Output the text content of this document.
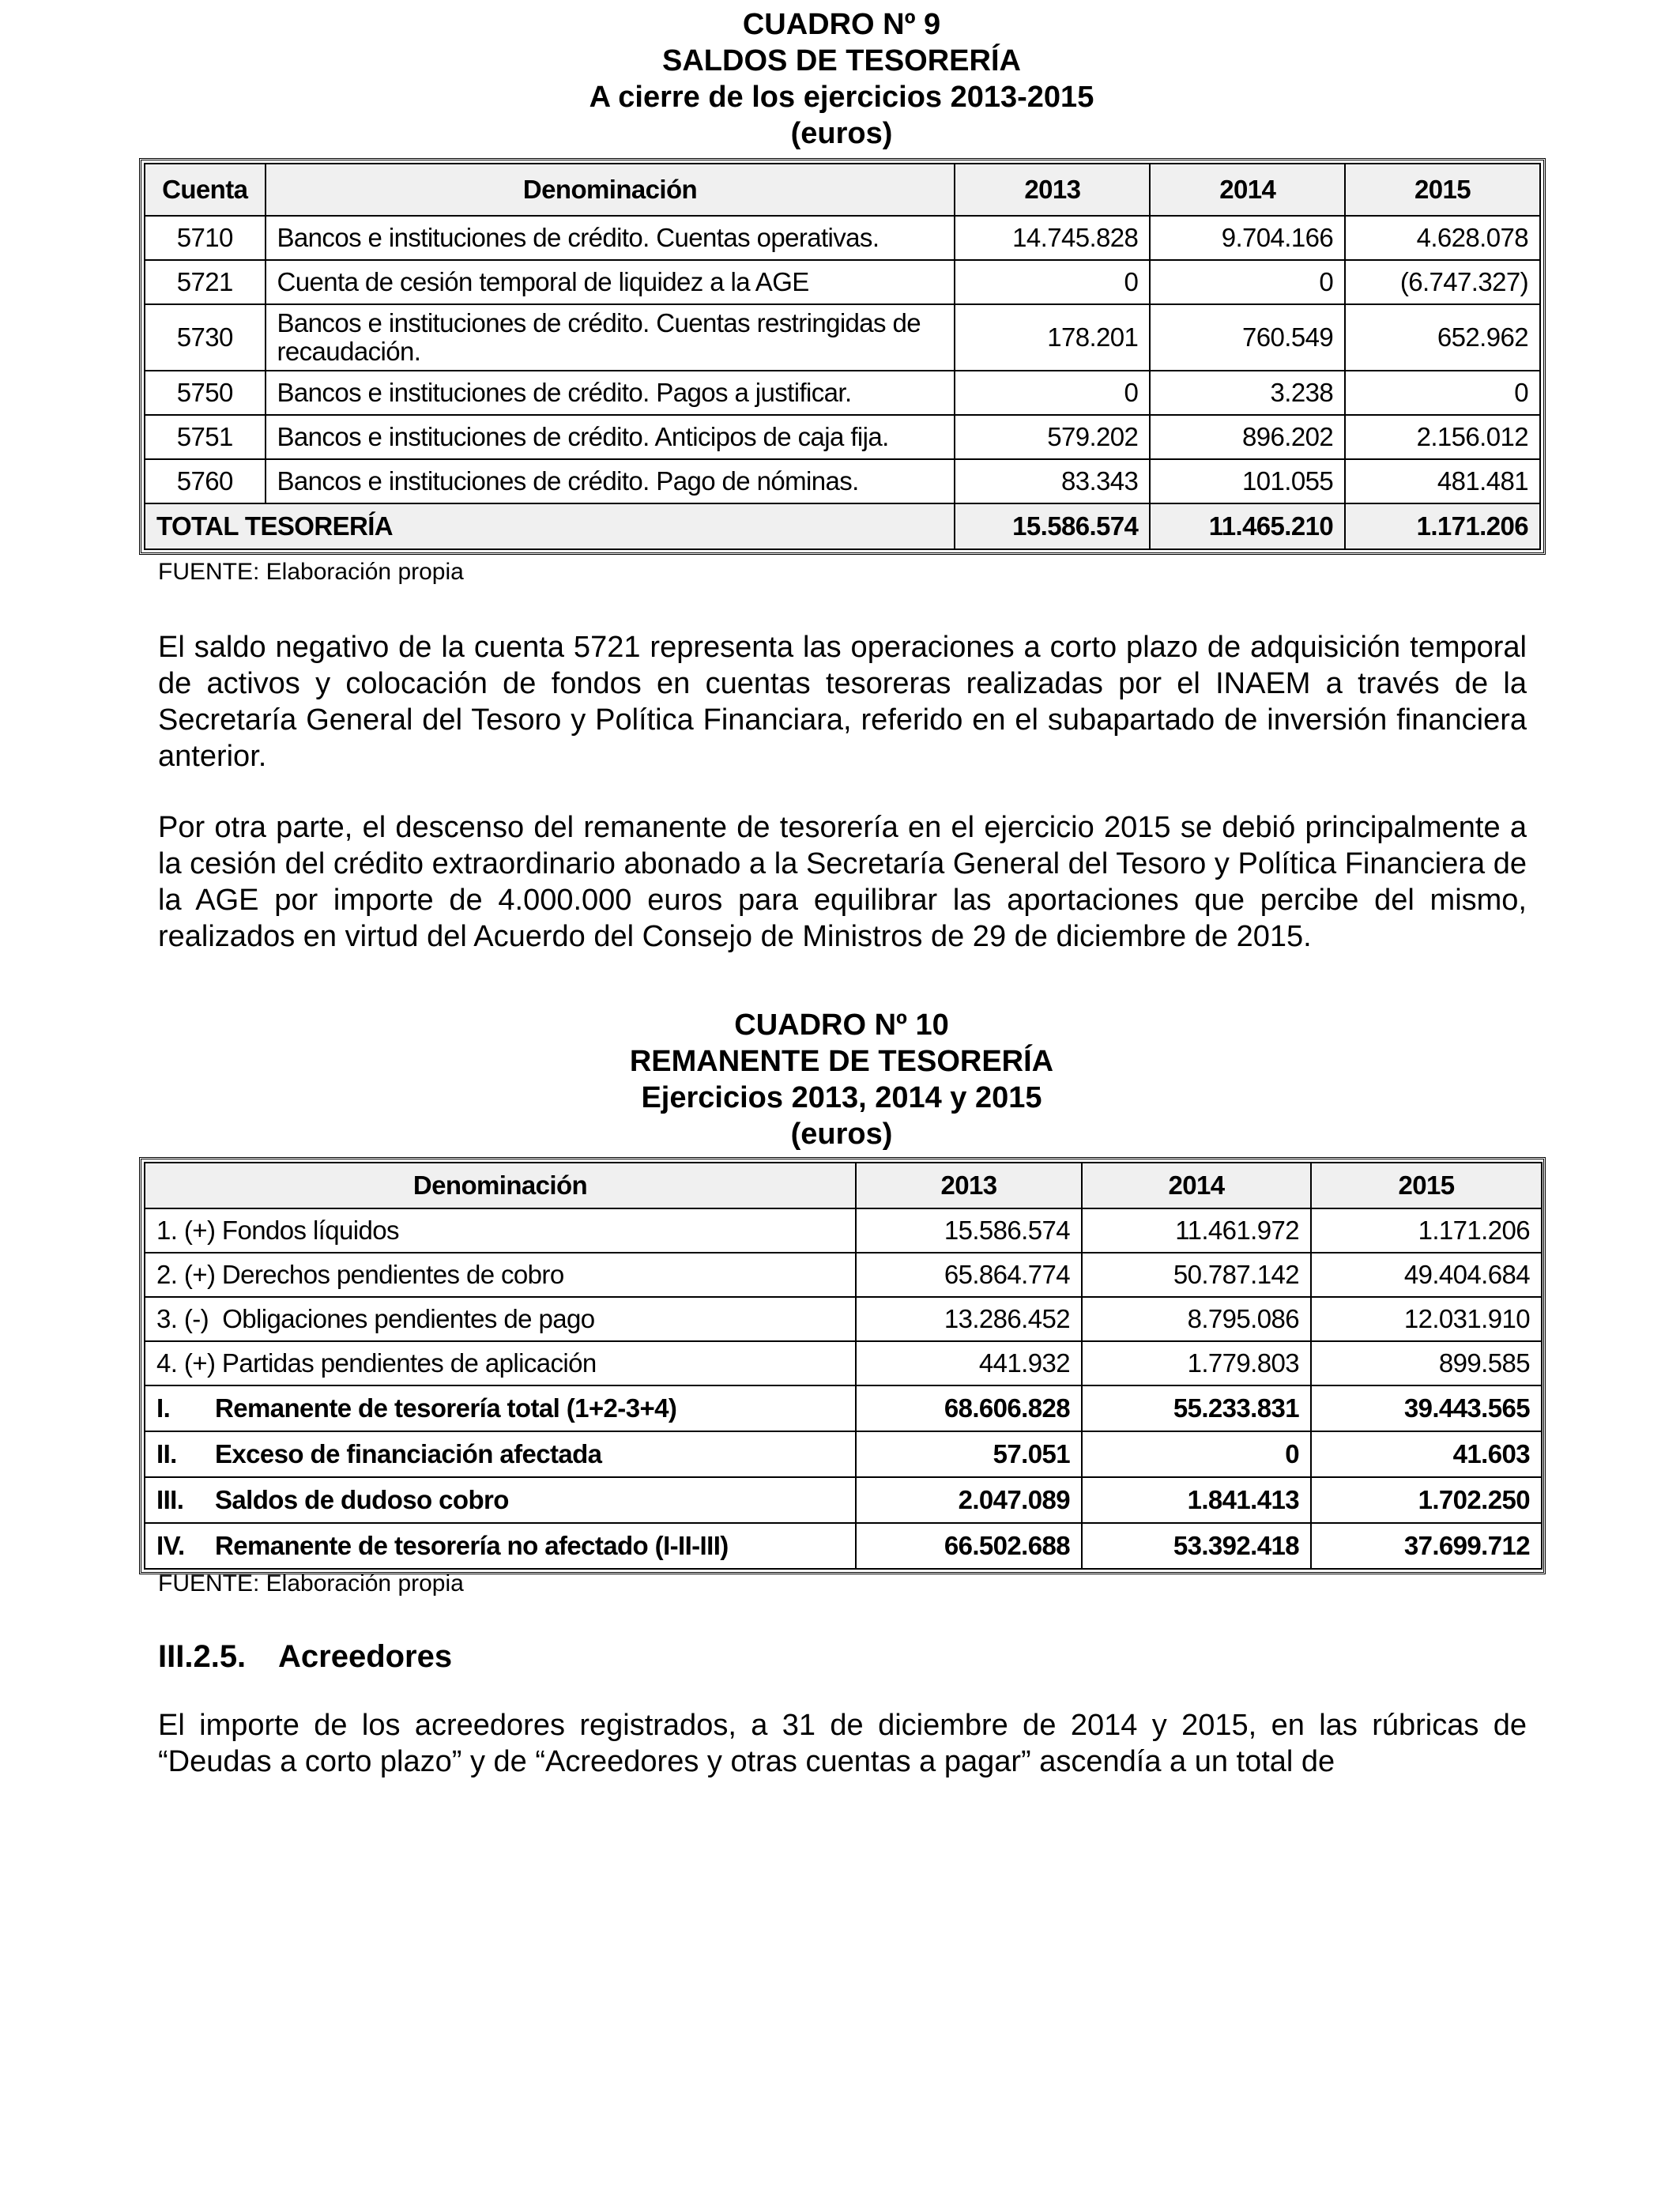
CUADRO Nº 9
SALDOS DE TESORERÍA
A cierre de los ejercicios 2013-2015
(euros)
Cuenta	Denominación	2013	2014	2015
5710	Bancos e instituciones de crédito. Cuentas operativas.	14.745.828	9.704.166	4.628.078
5721	Cuenta de cesión temporal de liquidez a la AGE	0	0	(6.747.327)
5730	Bancos e instituciones de crédito. Cuentas restringidas de recaudación.	178.201	760.549	652.962
5750	Bancos e instituciones de crédito. Pagos a justificar.	0	3.238	0
5751	Bancos e instituciones de crédito. Anticipos de caja fija.	579.202	896.202	2.156.012
5760	Bancos e instituciones de crédito. Pago de nóminas.	83.343	101.055	481.481
TOTAL TESORERÍA		15.586.574	11.465.210	1.171.206
FUENTE: Elaboración propia
El saldo negativo de la cuenta 5721 representa las operaciones a corto plazo de adquisición temporal de activos y colocación de fondos en cuentas tesoreras realizadas por el INAEM a través de la Secretaría General del Tesoro y Política Financiara, referido en el subapartado de inversión financiera anterior.
Por otra parte, el descenso del remanente de tesorería en el ejercicio 2015 se debió principalmente a la cesión del crédito extraordinario abonado a la Secretaría General del Tesoro y Política Financiera de la AGE por importe de 4.000.000 euros para equilibrar las aportaciones que percibe del mismo, realizados en virtud del Acuerdo del Consejo de Ministros de 29 de diciembre de 2015.
CUADRO Nº 10
REMANENTE DE TESORERÍA
Ejercicios 2013, 2014 y 2015
(euros)
Denominación	2013	2014	2015
1. (+) Fondos líquidos	15.586.574	11.461.972	1.171.206
2. (+) Derechos pendientes de cobro	65.864.774	50.787.142	49.404.684
3. (-)  Obligaciones pendientes de pago	13.286.452	8.795.086	12.031.910
4. (+) Partidas pendientes de aplicación	441.932	1.779.803	899.585
I. Remanente de tesorería total (1+2-3+4)	68.606.828	55.233.831	39.443.565
II. Exceso de financiación afectada	57.051	0	41.603
III. Saldos de dudoso cobro	2.047.089	1.841.413	1.702.250
IV. Remanente de tesorería no afectado (I-II-III)	66.502.688	53.392.418	37.699.712
FUENTE: Elaboración propia
III.2.5. Acreedores
El importe de los acreedores registrados, a 31 de diciembre de 2014 y 2015, en las rúbricas de “Deudas a corto plazo” y de “Acreedores y otras cuentas a pagar” ascendía a un total de
